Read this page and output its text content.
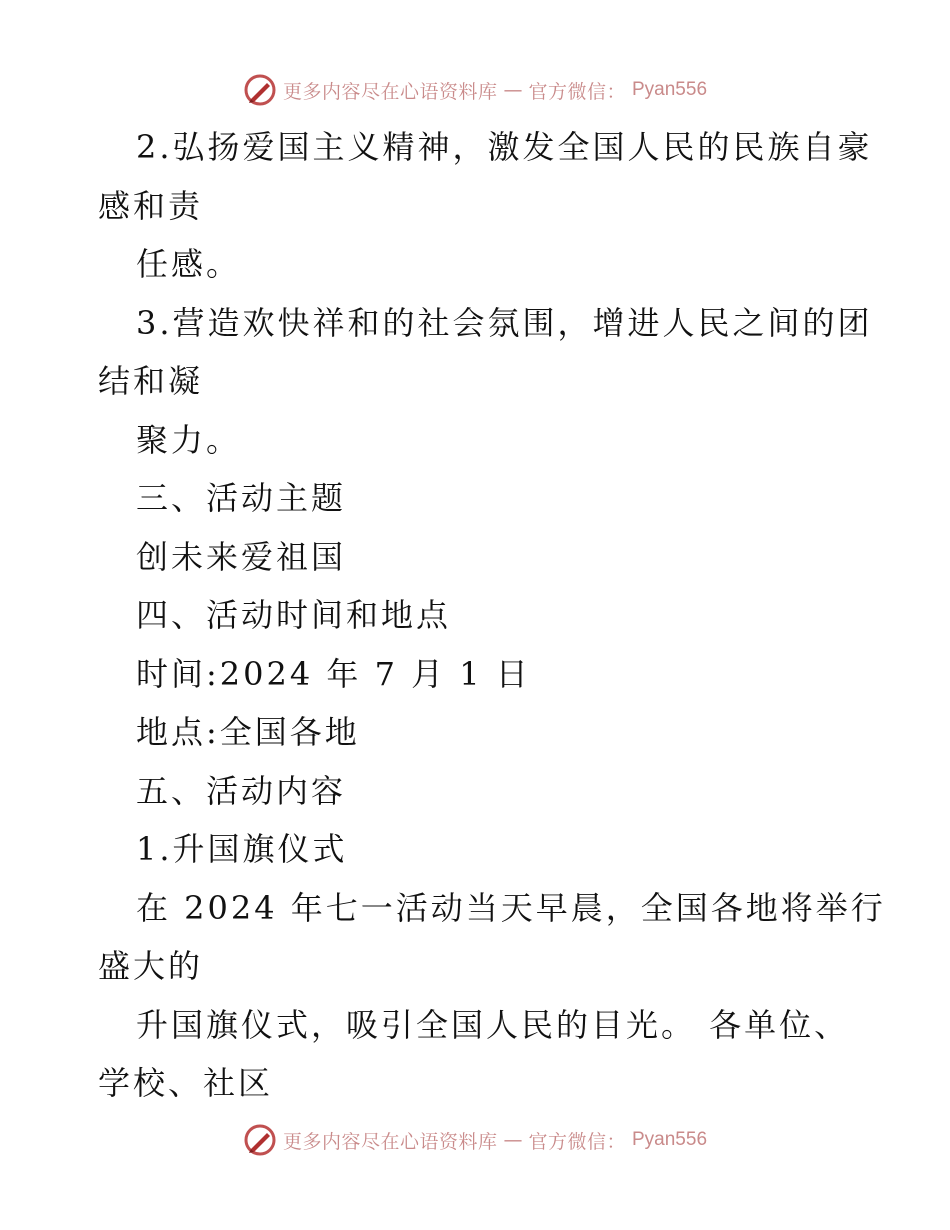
更多内容尽在心语资料库 — 官方微信： Pyan556
2.弘扬爱国主义精神，激发全国人民的民族自豪
感和责
任感。
3.营造欢快祥和的社会氛围，增进人民之间的团
结和凝
聚力。
三、活动主题
创未来爱祖国
四、活动时间和地点
时间:2024 年 7 月 1 日
地点:全国各地
五、活动内容
1.升国旗仪式
在 2024 年七一活动当天早晨，全国各地将举行
盛大的
升国旗仪式，吸引全国人民的目光。 各单位、
学校、社区
更多内容尽在心语资料库 — 官方微信： Pyan556
